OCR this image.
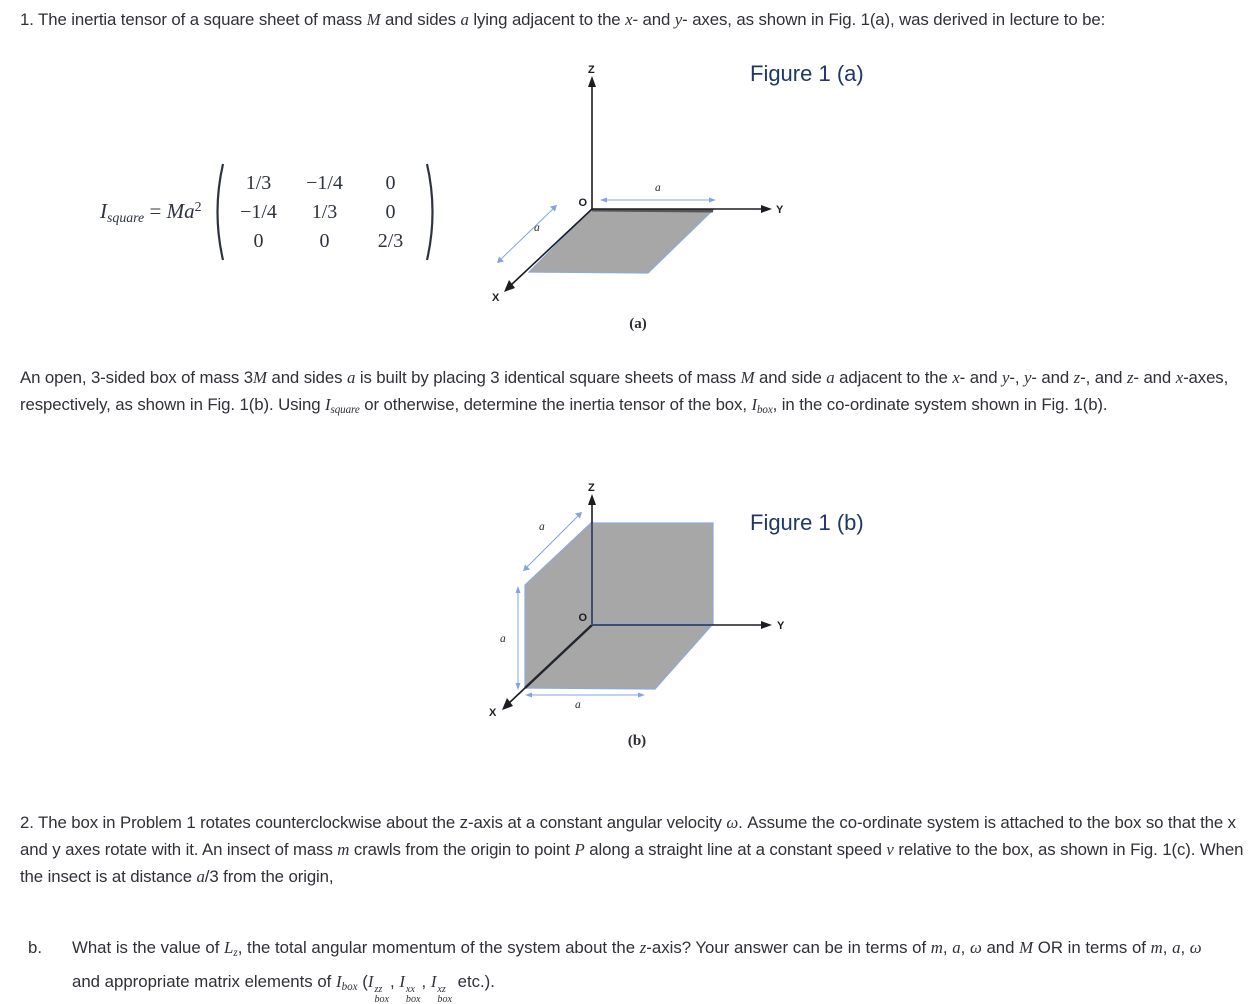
1. The inertia tensor of a square sheet of mass M and sides a lying adjacent to the x- and y- axes, as shown in Fig. 1(a), was derived in lecture to be:
Isquare = $Ma^2$
1/3	−1/4	0
−1/4	1/3	0
0	0	2/3
Figure 1 (a)
Z
Y
X
O
a
a
(a)
An open, 3-sided box of mass 3M and sides a is built by placing 3 identical square sheets of mass M and side a adjacent to the x- and y-, y- and z-, and z- and x-axes, respectively, as shown in Fig. 1(b). Using Isquare or otherwise, determine the inertia tensor of the box, Ibox, in the co-ordinate system shown in Fig. 1(b).
Figure 1 (b)
Z
Y
X
O
a
a
a
(b)
2. The box in Problem 1 rotates counterclockwise about the z-axis at a constant angular velocity ω. Assume the co-ordinate system is attached to the box so that the x and y axes rotate with it. An insect of mass m crawls from the origin to point P along a straight line at a constant speed v relative to the box, as shown in Fig. 1(c). When the insect is at distance a/3 from the origin,
b.	What is the value of Lz, the total angular momentum of the system about the z-axis? Your answer can be in terms of m, a, ω and M OR in terms of m, a, ω and appropriate matrix elements of Ibox (I zz
box
, I xx
box
, I xz
box
etc.).
